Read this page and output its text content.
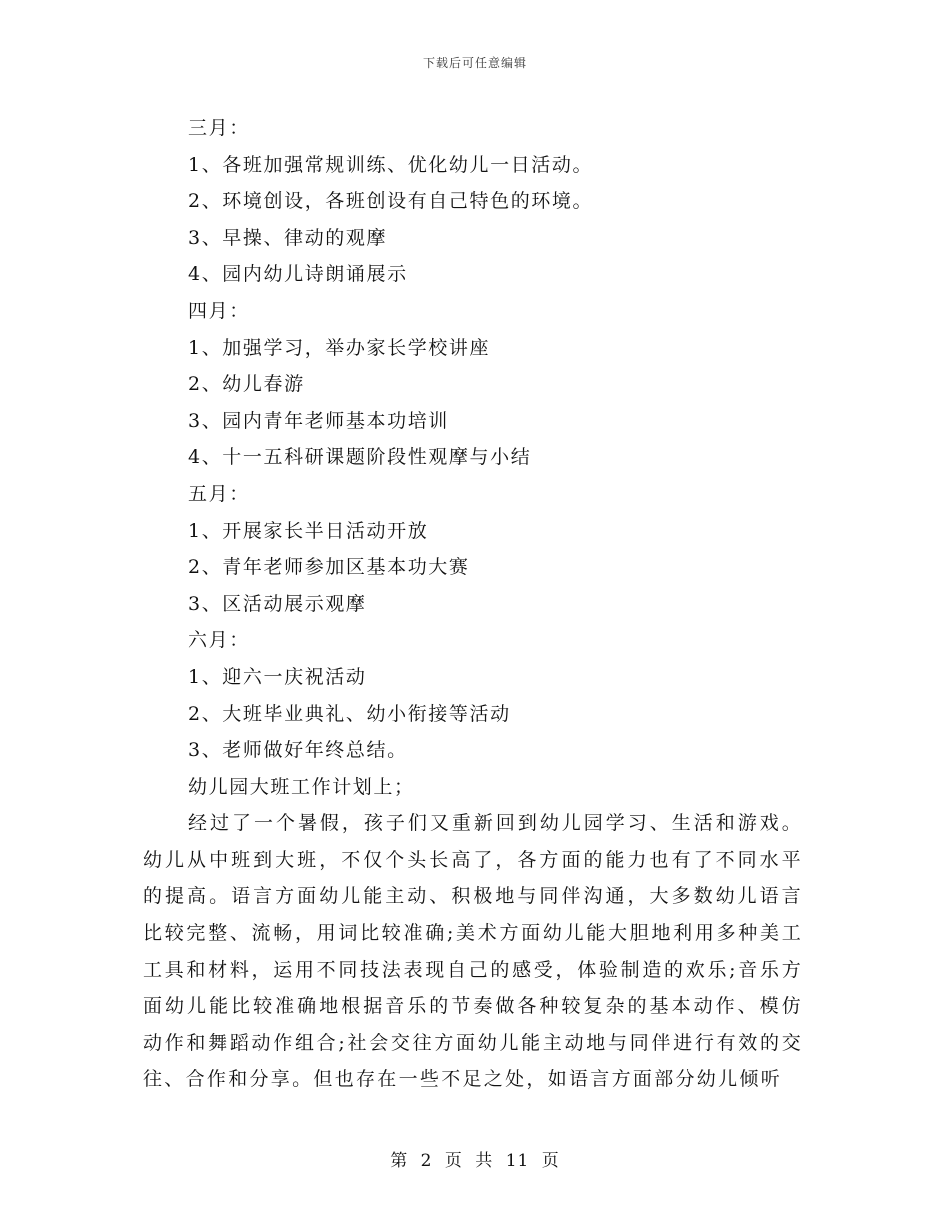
下载后可任意编辑
三月：
1、各班加强常规训练、优化幼儿一日活动。
2、环境创设，各班创设有自己特色的环境。
3、早操、律动的观摩
4、园内幼儿诗朗诵展示
四月：
1、加强学习，举办家长学校讲座
2、幼儿春游
3、园内青年老师基本功培训
4、十一五科研课题阶段性观摩与小结
五月：
1、开展家长半日活动开放
2、青年老师参加区基本功大赛
3、区活动展示观摩
六月：
1、迎六一庆祝活动
2、大班毕业典礼、幼小衔接等活动
3、老师做好年终总结。
幼儿园大班工作计划上；

经过了一个暑假，孩子们又重新回到幼儿园学习、生活和游戏。幼儿从中班到大班，不仅个头长高了，各方面的能力也有了不同水平的提高。语言方面幼儿能主动、积极地与同伴沟通，大多数幼儿语言比较完整、流畅，用词比较准确;美术方面幼儿能大胆地利用多种美工工具和材料，运用不同技法表现自己的感受，体验制造的欢乐;音乐方面幼儿能比较准确地根据音乐的节奏做各种较复杂的基本动作、模仿动作和舞蹈动作组合;社会交往方面幼儿能主动地与同伴进行有效的交往、合作和分享。但也存在一些不足之处，如语言方面部分幼儿倾听

第 2 页 共 11 页
